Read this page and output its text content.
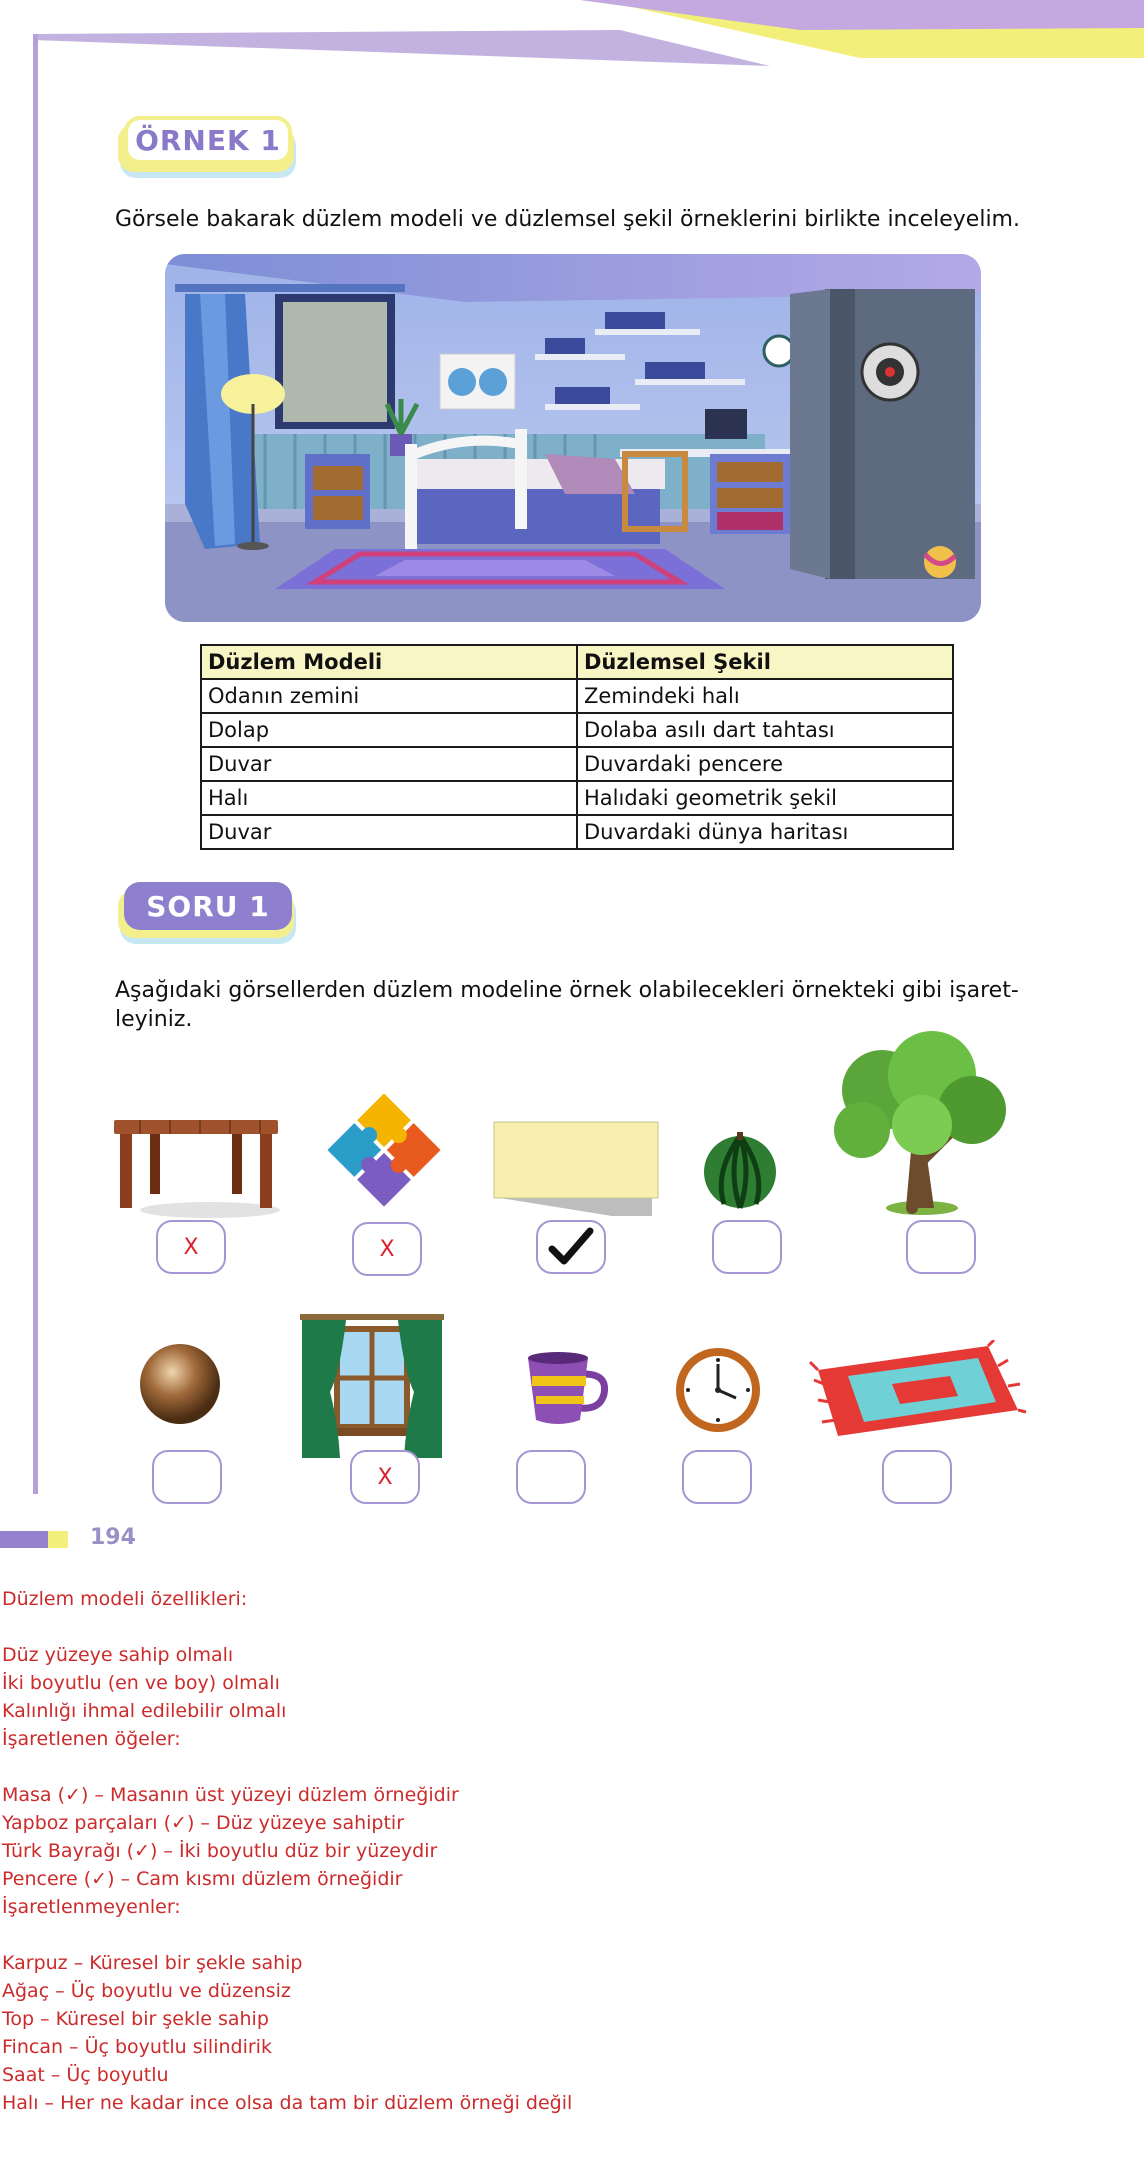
ÖRNEK 1
Görsele bakarak düzlem modeli ve düzlemsel şekil örneklerini birlikte inceleyelim.
Düzlem Modeli	Düzlemsel Şekil
Odanın zemini	Zemindeki halı
Dolap	Dolaba asılı dart tahtası
Duvar	Duvardaki pencere
Halı	Halıdaki geometrik şekil
Duvar	Duvardaki dünya haritası
SORU 1
Aşağıdaki görsellerden düzlem modeline örnek olabilecekleri örnekteki gibi işaret-leyiniz.
X	X
X
194
Düzlem modeli özellikleri:
Düz yüzeye sahip olmalı
İki boyutlu (en ve boy) olmalı
Kalınlığı ihmal edilebilir olmalı
İşaretlenen öğeler:
Masa (✓) – Masanın üst yüzeyi düzlem örneğidir
Yapboz parçaları (✓) – Düz yüzeye sahiptir
Türk Bayrağı (✓) – İki boyutlu düz bir yüzeydir
Pencere (✓) – Cam kısmı düzlem örneğidir
İşaretlenmeyenler:
Karpuz – Küresel bir şekle sahip
Ağaç – Üç boyutlu ve düzensiz
Top – Küresel bir şekle sahip
Fincan – Üç boyutlu silindirik
Saat – Üç boyutlu
Halı – Her ne kadar ince olsa da tam bir düzlem örneği değil
